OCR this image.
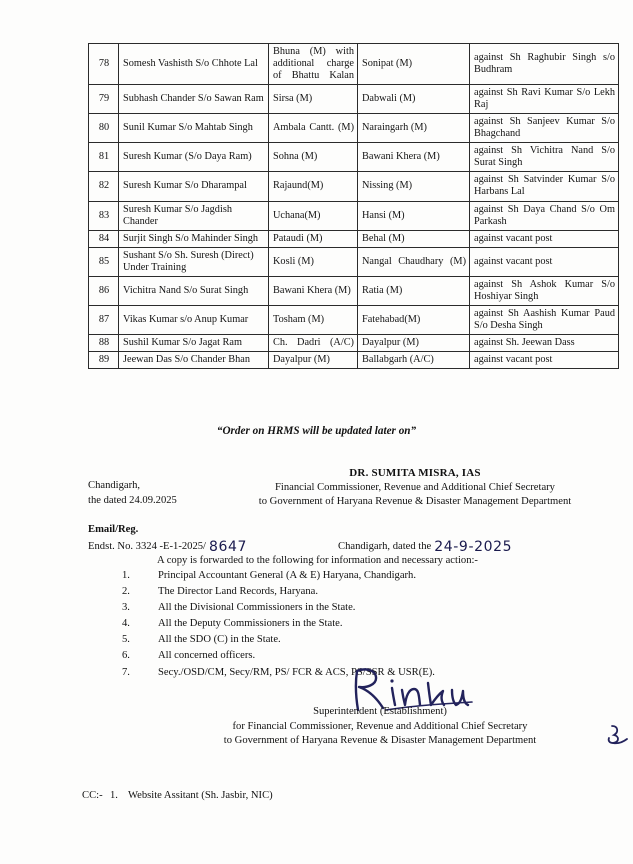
78	Somesh Vashisth S/o Chhote Lal	Bhuna (M) with additional charge of Bhattu Kalan	Sonipat (M)	against Sh Raghubir Singh s/o Budhram
79	Subhash Chander S/o Sawan Ram	Sirsa (M)	Dabwali (M)	against Sh Ravi Kumar S/o Lekh Raj
80	Sunil Kumar S/o Mahtab Singh	Ambala Cantt. (M)	Naraingarh (M)	against Sh Sanjeev Kumar S/o Bhagchand
81	Suresh Kumar (S/o Daya Ram)	Sohna (M)	Bawani Khera (M)	against Sh Vichitra Nand S/o Surat Singh
82	Suresh Kumar S/o Dharampal	Rajaund(M)	Nissing (M)	against Sh Satvinder Kumar S/o Harbans Lal
83	Suresh Kumar S/o Jagdish Chander	Uchana(M)	Hansi (M)	against Sh Daya Chand S/o Om Parkash
84	Surjit Singh S/o Mahinder Singh	Pataudi (M)	Behal (M)	against vacant post
85	Sushant S/o Sh. Suresh (Direct) Under Training	Kosli (M)	Nangal Chaudhary (M)	against vacant post
86	Vichitra Nand S/o Surat Singh	Bawani Khera (M)	Ratia (M)	against Sh Ashok Kumar S/o Hoshiyar Singh
87	Vikas Kumar s/o Anup Kumar	Tosham (M)	Fatehabad(M)	against Sh Aashish Kumar Paud S/o Desha Singh
88	Sushil Kumar S/o Jagat Ram	Ch. Dadri (A/C)	Dayalpur (M)	against Sh. Jeewan Dass
89	Jeewan Das S/o Chander Bhan	Dayalpur (M)	Ballabgarh (A/C)	against vacant post
“Order on HRMS will be updated later on”
Chandigarh,
the dated 24.09.2025
DR. SUMITA MISRA, IAS
Financial Commissioner, Revenue and Additional Chief Secretary
to Government of Haryana Revenue & Disaster Management Department
Email/Reg.
Endst. No. 3324 -E-1-2025/ 8647	Chandigarh, dated the 24-9-2025
A copy is forwarded to the following for information and necessary action:-
1.	Principal Accountant General (A & E) Haryana, Chandigarh.
2.	The Director Land Records, Haryana.
3.	All the Divisional Commissioners in the State.
4.	All the Deputy Commissioners in the State.
5.	All the SDO (C) in the State.
6.	All concerned officers.
7.	Secy./OSD/CM, Secy/RM, PS/ FCR & ACS, PS/SSR & USR(E).
Superintendent (Establishment)
for Financial Commissioner, Revenue and Additional Chief Secretary
to Government of Haryana Revenue & Disaster Management Department
CC:- 1. Website Assitant (Sh. Jasbir, NIC)
